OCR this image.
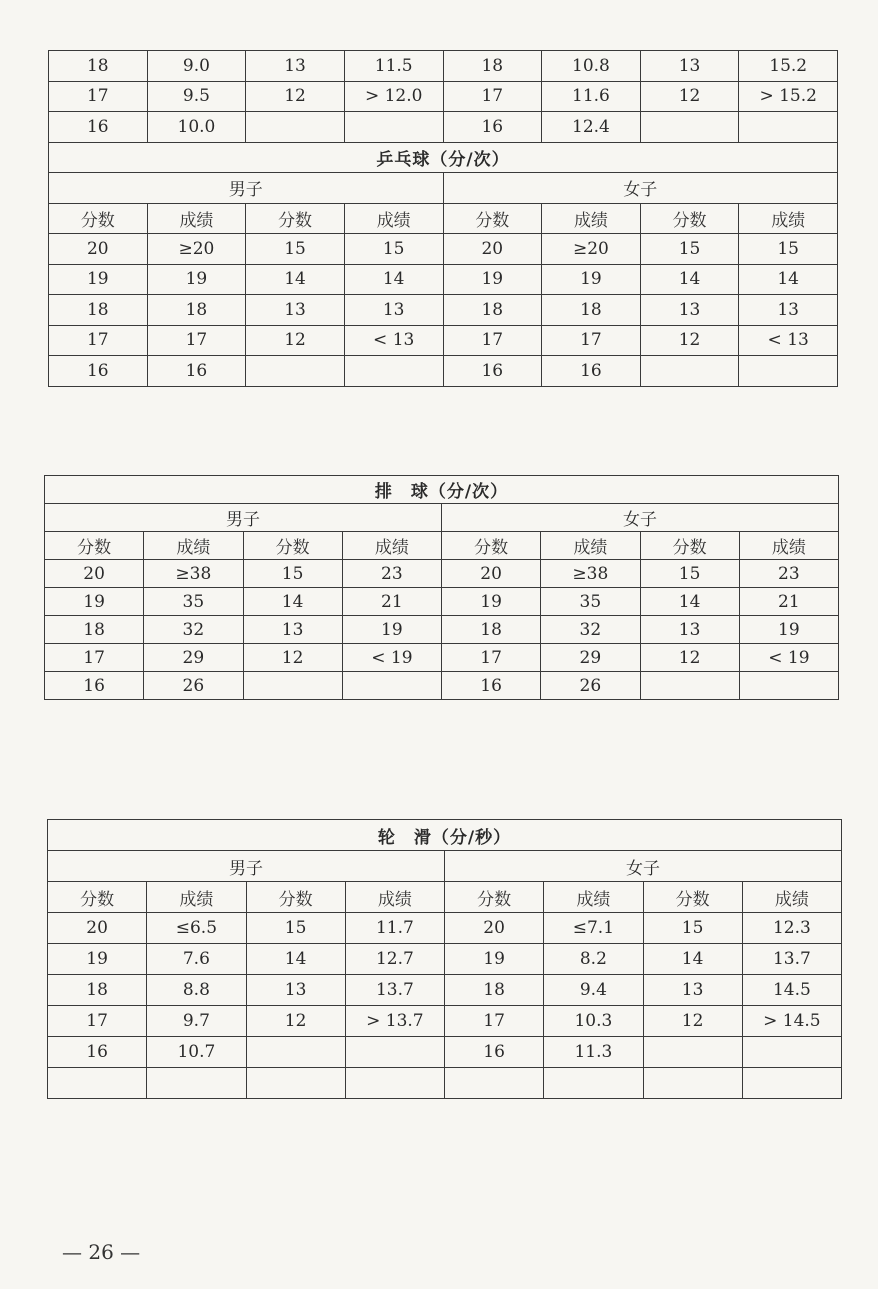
18	9.0	13	11.5	18	10.8	13	15.2
17	9.5	12	> 12.0	17	11.6	12	> 15.2
16	10.0			16	12.4		
乒乓球（分/次）							
男子				女子			
分数	成绩	分数	成绩	分数	成绩	分数	成绩
20	≥20	15	15	20	≥20	15	15
19	19	14	14	19	19	14	14
18	18	13	13	18	18	13	13
17	17	12	< 13	17	17	12	< 13
16	16			16	16		
排　球（分/次）							
男子				女子			
分数	成绩	分数	成绩	分数	成绩	分数	成绩
20	≥38	15	23	20	≥38	15	23
19	35	14	21	19	35	14	21
18	32	13	19	18	32	13	19
17	29	12	< 19	17	29	12	< 19
16	26			16	26		
轮　滑（分/秒）							
男子				女子			
分数	成绩	分数	成绩	分数	成绩	分数	成绩
20	≤6.5	15	11.7	20	≤7.1	15	12.3
19	7.6	14	12.7	19	8.2	14	13.7
18	8.8	13	13.7	18	9.4	13	14.5
17	9.7	12	> 13.7	17	10.3	12	> 14.5
16	10.7			16	11.3		

— 26 —
